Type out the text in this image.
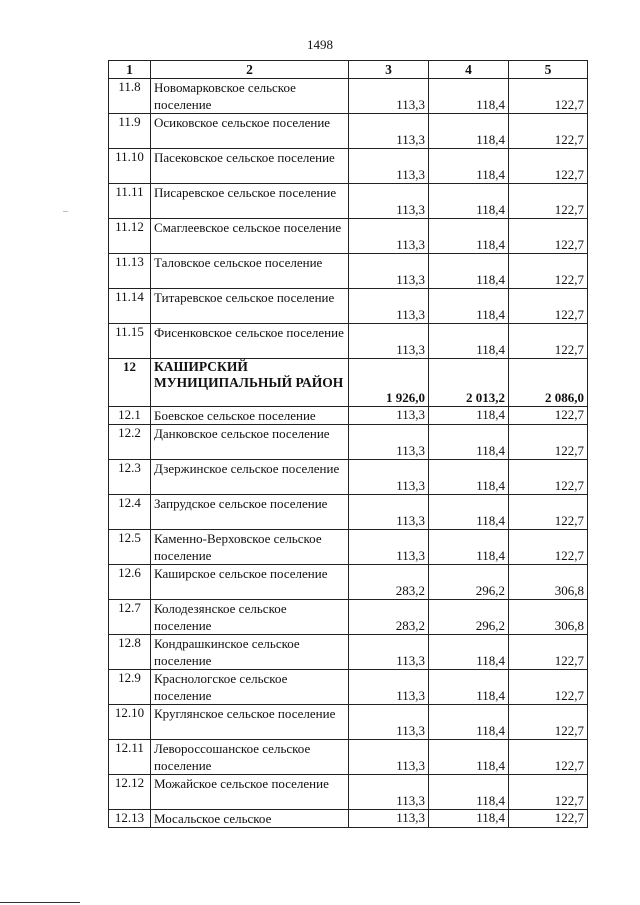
1498
1	2	3	4	5
11.8	Новомарковское сельское поселение	113,3	118,4	122,7
11.9	Осиковское сельское поселение	113,3	118,4	122,7
11.10	Пасековское сельское поселение	113,3	118,4	122,7
11.11	Писаревское сельское поселение	113,3	118,4	122,7
11.12	Смаглеевское сельское поселение	113,3	118,4	122,7
11.13	Таловское сельское поселение	113,3	118,4	122,7
11.14	Титаревское сельское поселение	113,3	118,4	122,7
11.15	Фисенковское сельское поселение	113,3	118,4	122,7
12	КАШИРСКИЙ МУНИЦИПАЛЬНЫЙ РАЙОН	1 926,0	2 013,2	2 086,0
12.1	Боевское сельское поселение	113,3	118,4	122,7
12.2	Данковское сельское поселение	113,3	118,4	122,7
12.3	Дзержинское сельское поселение	113,3	118,4	122,7
12.4	Запрудское сельское поселение	113,3	118,4	122,7
12.5	Каменно-Верховское сельское поселение	113,3	118,4	122,7
12.6	Каширское сельское поселение	283,2	296,2	306,8
12.7	Колодезянское сельское поселение	283,2	296,2	306,8
12.8	Кондрашкинское сельское поселение	113,3	118,4	122,7
12.9	Краснологское сельское поселение	113,3	118,4	122,7
12.10	Круглянское сельское поселение	113,3	118,4	122,7
12.11	Левороссошанское сельское поселение	113,3	118,4	122,7
12.12	Можайское сельское поселение	113,3	118,4	122,7
12.13	Мосальское сельское	113,3	118,4	122,7
